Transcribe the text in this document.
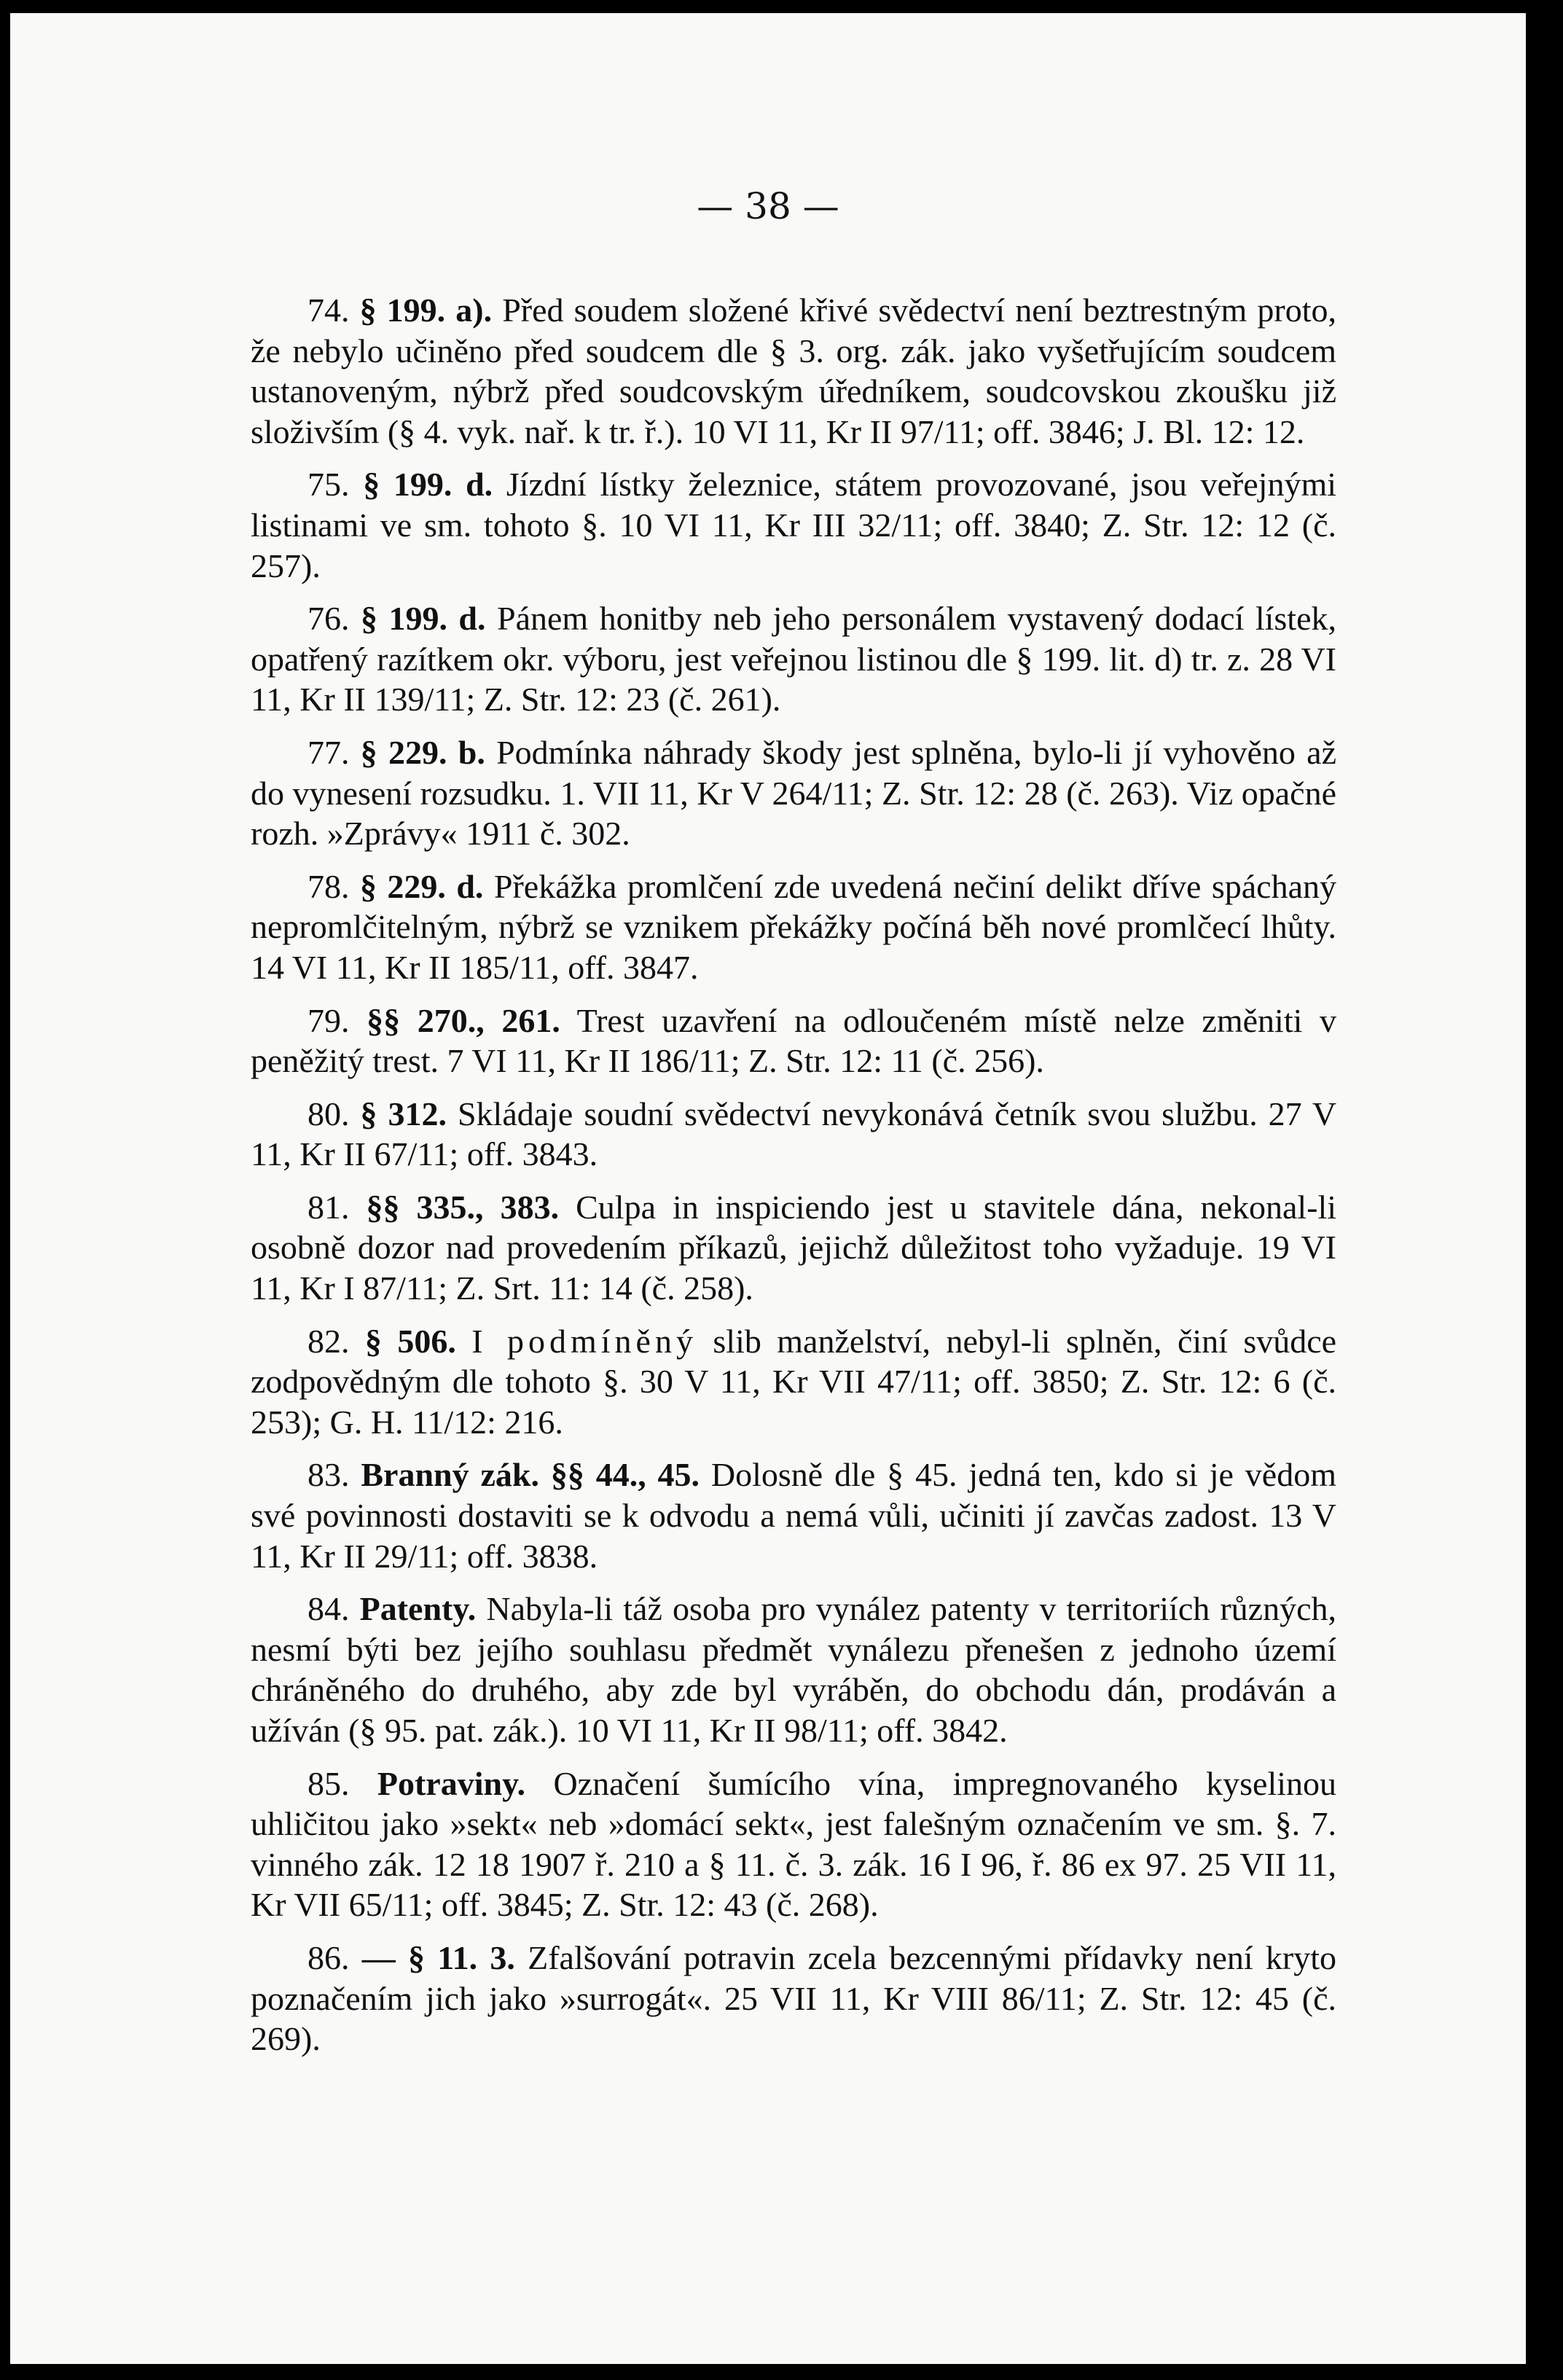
— 38 —

74. § 199. a). Před soudem složené křivé svědectví není beztrestným proto, že nebylo učiněno před soudcem dle § 3. org. zák. jako vyšetřujícím soudcem ustanoveným, nýbrž před soudcovským úředníkem, soudcovskou zkoušku již složivším (§ 4. vyk. nař. k tr. ř.). 10 VI 11, Kr II 97/11; off. 3846; J. Bl. 12: 12.

75. § 199. d. Jízdní lístky železnice, státem provozované, jsou veřejnými listinami ve sm. tohoto §. 10 VI 11, Kr III 32/11; off. 3840; Z. Str. 12: 12 (č. 257).

76. § 199. d. Pánem honitby neb jeho personálem vystavený dodací lístek, opatřený razítkem okr. výboru, jest veřejnou listinou dle § 199. lit. d) tr. z. 28 VI 11, Kr II 139/11; Z. Str. 12: 23 (č. 261).

77. § 229. b. Podmínka náhrady škody jest splněna, bylo-li jí vyhověno až do vynesení rozsudku. 1. VII 11, Kr V 264/11; Z. Str. 12: 28 (č. 263). Viz opačné rozh. »Zprávy« 1911 č. 302.

78. § 229. d. Překážka promlčení zde uvedená nečiní delikt dříve spáchaný nepromlčitelným, nýbrž se vznikem překážky počíná běh nové promlčecí lhůty. 14 VI 11, Kr II 185/11, off. 3847.

79. §§ 270., 261. Trest uzavření na odloučeném místě nelze změniti v peněžitý trest. 7 VI 11, Kr II 186/11; Z. Str. 12: 11 (č. 256).

80. § 312. Skládaje soudní svědectví nevykonává četník svou službu. 27 V 11, Kr II 67/11; off. 3843.

81. §§ 335., 383. Culpa in inspiciendo jest u stavitele dána, nekonal-li osobně dozor nad provedením příkazů, jejichž důležitost toho vyžaduje. 19 VI 11, Kr I 87/11; Z. Srt. 11: 14 (č. 258).

82. § 506. I podmíněný slib manželství, nebyl-li splněn, činí svůdce zodpovědným dle tohoto §. 30 V 11, Kr VII 47/11; off. 3850; Z. Str. 12: 6 (č. 253); G. H. 11/12: 216.

83. Branný zák. §§ 44., 45. Dolosně dle § 45. jedná ten, kdo si je vědom své povinnosti dostaviti se k odvodu a nemá vůli, učiniti jí zavčas zadost. 13 V 11, Kr II 29/11; off. 3838.

84. Patenty. Nabyla-li táž osoba pro vynález patenty v territoriích různých, nesmí býti bez jejího souhlasu předmět vynálezu přenešen z jednoho území chráněného do druhého, aby zde byl vyráběn, do obchodu dán, prodáván a užíván (§ 95. pat. zák.). 10 VI 11, Kr II 98/11; off. 3842.

85. Potraviny. Označení šumícího vína, impregnovaného kyselinou uhličitou jako »sekt« neb »domácí sekt«, jest falešným označením ve sm. §. 7. vinného zák. 12 18 1907 ř. 210 a § 11. č. 3. zák. 16 I 96, ř. 86 ex 97. 25 VII 11, Kr VII 65/11; off. 3845; Z. Str. 12: 43 (č. 268).

86. — § 11. 3. Zfalšování potravin zcela bezcennými přídavky není kryto poznačením jich jako »surrogát«. 25 VII 11, Kr VIII 86/11; Z. Str. 12: 45 (č. 269).
